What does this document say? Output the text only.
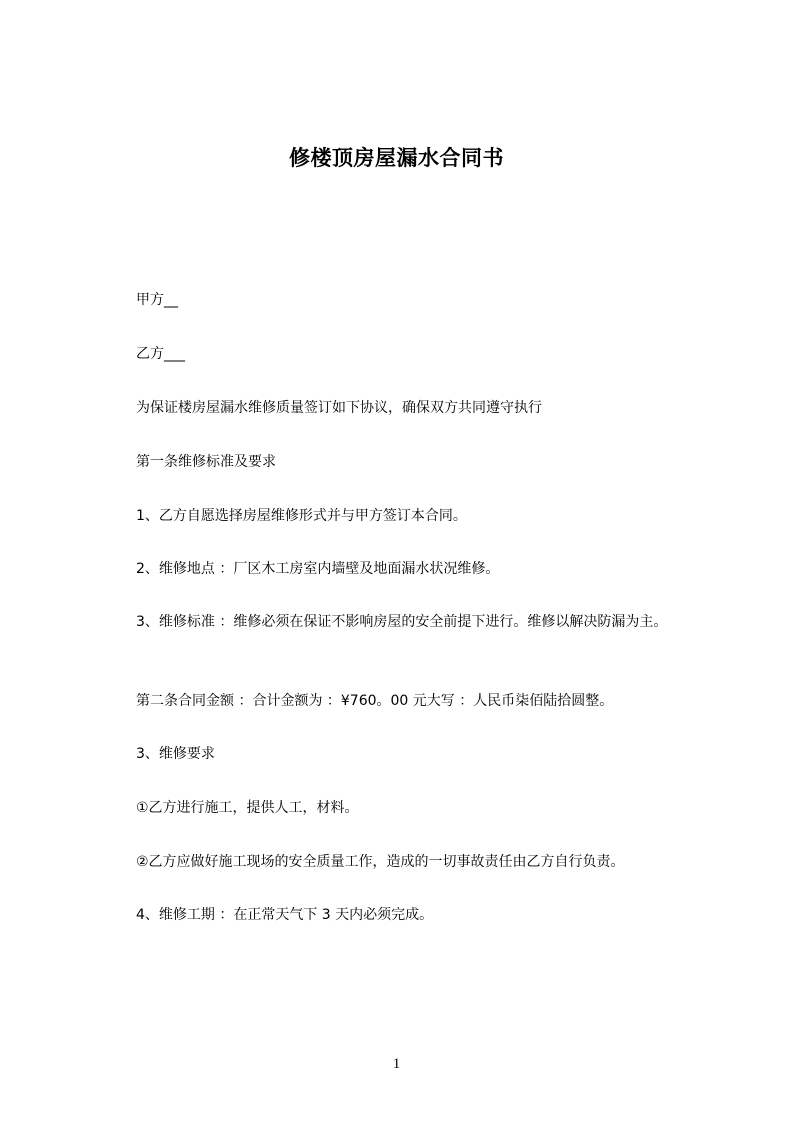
修楼顶房屋漏水合同书
甲方__
乙方___
为保证楼房屋漏水维修质量签订如下协议，确保双方共同遵守执行
第一条维修标准及要求
1、乙方自愿选择房屋维修形式并与甲方签订本合同。
2、维修地点 ：厂区木工房室内墙壁及地面漏水状况维修。
3、维修标准 ：维修必须在保证不影响房屋的安全前提下进行。维修以解决防漏为主。
第二条合同金额 ：合计金额为 ：¥760。00 元大写 ：人民币柒佰陆拾圆整。
3、维修要求
①乙方进行施工，提供人工，材料。
②乙方应做好施工现场的安全质量工作，造成的一切事故责任由乙方自行负责。
4、维修工期 ：在正常天气下 3 天内必须完成。
1
